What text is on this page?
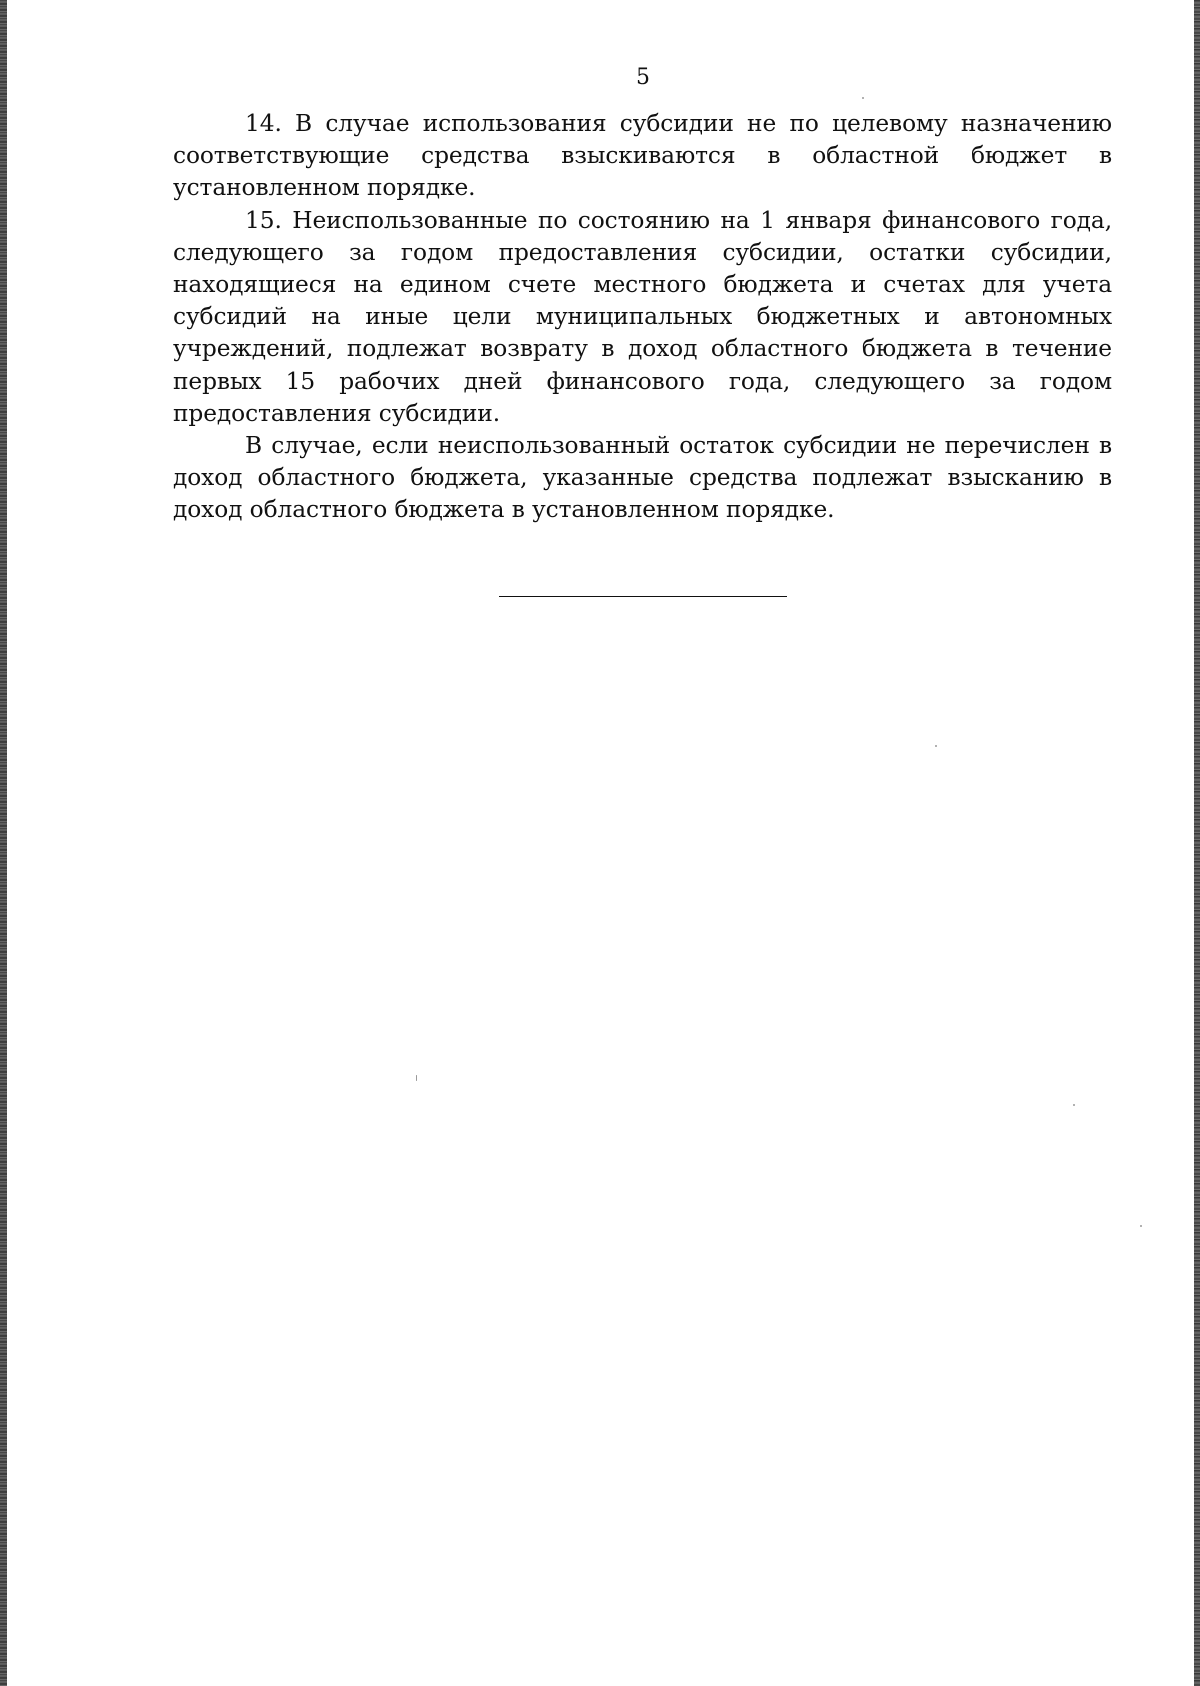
5

14. В случае использования субсидии не по целевому назначению соответствующие средства взыскиваются в областной бюджет в установленном порядке.

15. Неиспользованные по состоянию на 1 января финансового года, следующего за годом предоставления субсидии, остатки субсидии, находящиеся на едином счете местного бюджета и счетах для учета субсидий на иные цели муниципальных бюджетных и автономных учреждений, подлежат возврату в доход областного бюджета в течение первых 15 рабочих дней финансового года, следующего за годом предоставления субсидии.

В случае, если неиспользованный остаток субсидии не перечислен в доход областного бюджета, указанные средства подлежат взысканию в доход областного бюджета в установленном порядке.
